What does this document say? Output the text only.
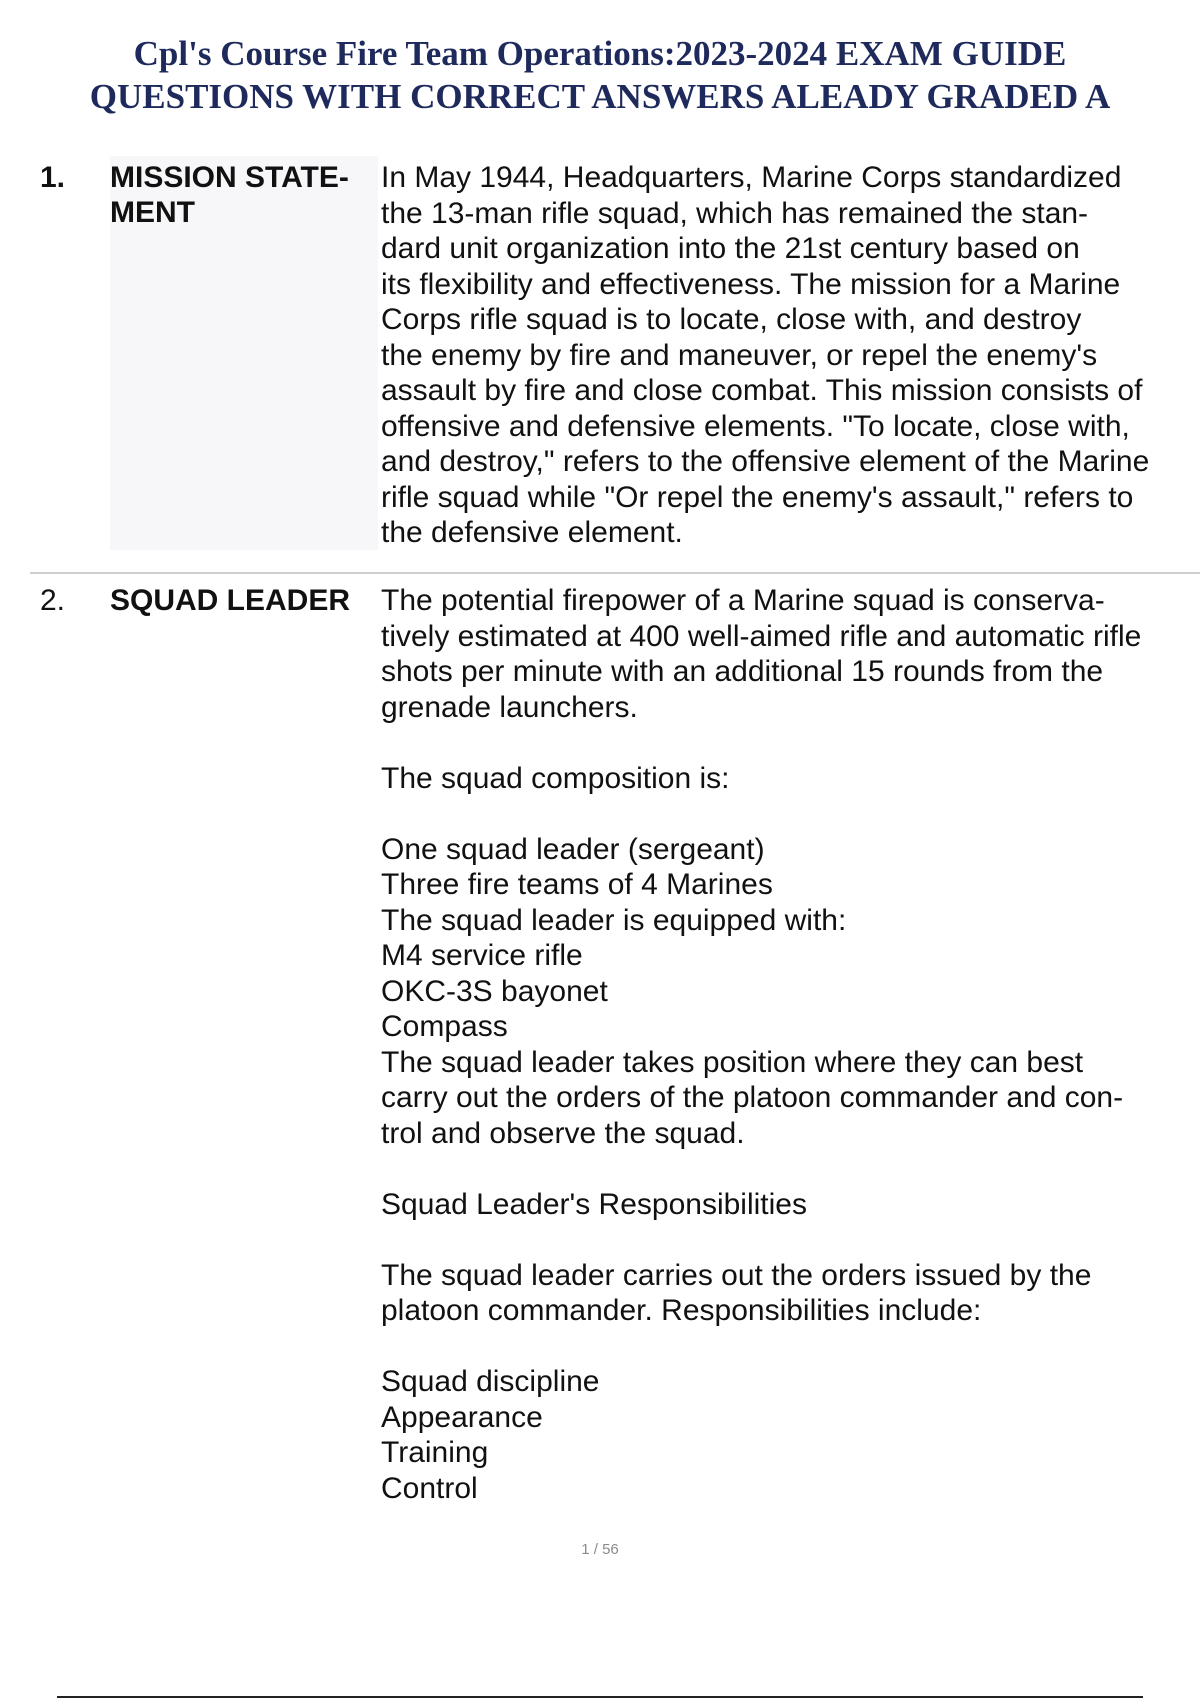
Cpl's Course Fire Team Operations:2023-2024 EXAM GUIDE
QUESTIONS WITH CORRECT ANSWERS ALEADY GRADED A
1. MISSION STATE-
MENT
In May 1944, Headquarters, Marine Corps standardized
the 13-man rifle squad, which has remained the stan-
dard unit organization into the 21st century based on
its flexibility and effectiveness. The mission for a Marine
Corps rifle squad is to locate, close with, and destroy
the enemy by fire and maneuver, or repel the enemy's
assault by fire and close combat. This mission consists of
offensive and defensive elements. "To locate, close with,
and destroy," refers to the offensive element of the Marine
rifle squad while "Or repel the enemy's assault," refers to
the defensive element.
2. SQUAD LEADER	The potential firepower of a Marine squad is conserva-
tively estimated at 400 well-aimed rifle and automatic rifle
shots per minute with an additional 15 rounds from the
grenade launchers.

The squad composition is:

One squad leader (sergeant)
Three fire teams of 4 Marines
The squad leader is equipped with:
M4 service rifle
OKC-3S bayonet
Compass
The squad leader takes position where they can best
carry out the orders of the platoon commander and con-
trol and observe the squad.

Squad Leader's Responsibilities

The squad leader carries out the orders issued by the
platoon commander. Responsibilities include:

Squad discipline
Appearance
Training
Control
1 / 56
